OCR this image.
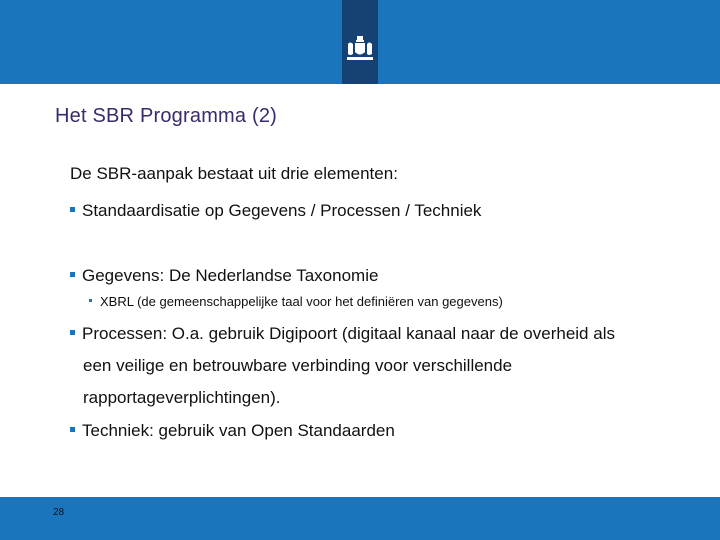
Het SBR Programma (2)
De SBR-aanpak bestaat uit drie elementen:
Standaardisatie op Gegevens / Processen / Techniek
Gegevens: De Nederlandse Taxonomie
XBRL (de gemeenschappelijke taal voor het definiëren van gegevens)
Processen: O.a. gebruik Digipoort (digitaal kanaal naar de overheid als
een veilige en betrouwbare verbinding voor verschillende
rapportageverplichtingen).
Techniek: gebruik van Open Standaarden
28
